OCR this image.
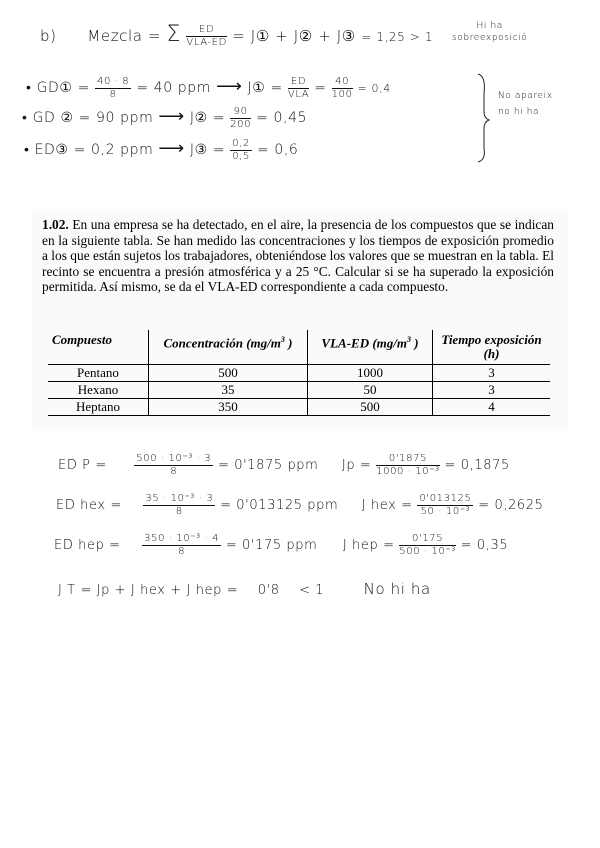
b) Mezcla = Σ $\frac{ED}{\text{VLA-ED}}$ = J① + J② + J③ = 1,25 > 1
Hi ha
sobreexposició
• GD① = $\frac{40 \cdot 8}{8} = 40$ ppm ⟶ J① = $\frac{ED}{\text{VLA}} = \frac{40}{100} = 0,4$
• GD ② = 90 ppm ⟶ J② = $\frac{90}{200} = 0,45$
• ED③ = 0,2 ppm ⟶ J③ = $\frac{0,2}{0,5} = 0,6$
No apareix
no hi ha
1.02. En una empresa se ha detectado, en el aire, la presencia de los compuestos que se indican en la siguiente tabla. Se han medido las concentraciones y los tiempos de exposición promedio a los que están sujetos los trabajadores, obteniéndose los valores que se muestran en la tabla. El recinto se encuentra a presión atmosférica y a 25 °C. Calcular si se ha superado la exposición permitida. Así mismo, se da el VLA-ED correspondiente a cada compuesto.
Compuesto	Concentración ($mg/m^3$ )	VLA-ED ($mg/m^3$ )	Tiempo exposición
(h)
Pentano	500	1000	3
Hexano	35	50	3
Heptano	350	500	4
ED P =	$\frac{\text{500 · 10⁻³ · 3}}{8} = 0'1875$ ppm $Jp = \frac{0'1875}{\text{1000 · 10⁻³}} = 0,1875$
ED hex = $\frac{\text{35 · 10⁻³ · 3}}{8} = 0'013125$ ppm J hex = $\frac{0'013125}{\text{50 · 10⁻³}} = 0,2625$
ED hep = $\frac{\text{350 · 10⁻³ · 4}}{8} = 0'175$ ppm J hep = $\frac{0'175}{\text{500 · 10⁻³}} = 0,35$
J T = Jp + J hex + J hep = 0'8 < 1	No hi ha
